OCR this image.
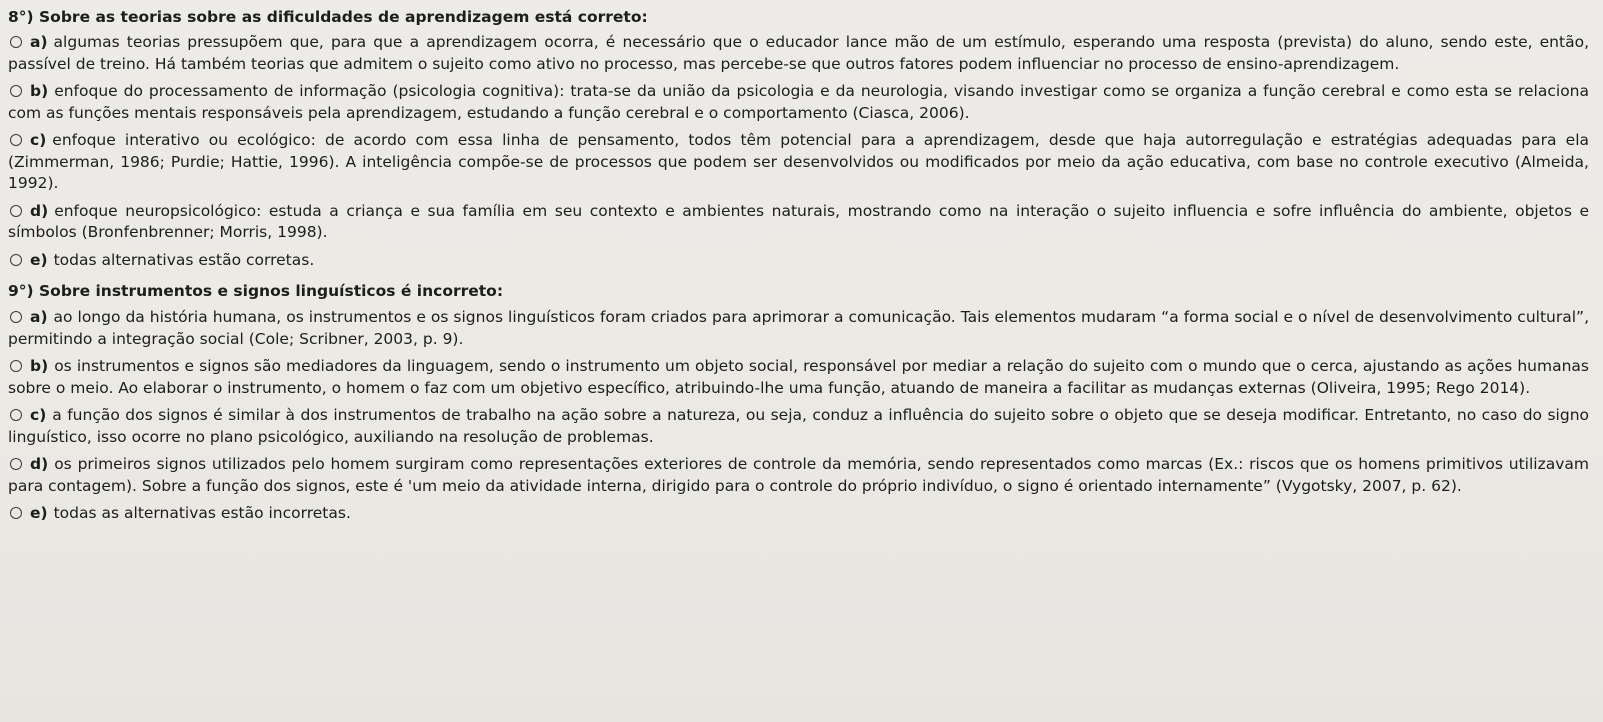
8°) Sobre as teorias sobre as dificuldades de aprendizagem está correto:
a) algumas teorias pressupõem que, para que a aprendizagem ocorra, é necessário que o educador lance mão de um estímulo, esperando uma resposta (prevista) do aluno, sendo este, então, passível de treino. Há também teorias que admitem o sujeito como ativo no processo, mas percebe-se que outros fatores podem influenciar no processo de ensino-aprendizagem.
b) enfoque do processamento de informação (psicologia cognitiva): trata-se da união da psicologia e da neurologia, visando investigar como se organiza a função cerebral e como esta se relaciona com as funções mentais responsáveis pela aprendizagem, estudando a função cerebral e o comportamento (Ciasca, 2006).
c) enfoque interativo ou ecológico: de acordo com essa linha de pensamento, todos têm potencial para a aprendizagem, desde que haja autorregulação e estratégias adequadas para ela (Zimmerman, 1986; Purdie; Hattie, 1996). A inteligência compõe-se de processos que podem ser desenvolvidos ou modificados por meio da ação educativa, com base no controle executivo (Almeida, 1992).
d) enfoque neuropsicológico: estuda a criança e sua família em seu contexto e ambientes naturais, mostrando como na interação o sujeito influencia e sofre influência do ambiente, objetos e símbolos (Bronfenbrenner; Morris, 1998).
e) todas alternativas estão corretas.
9°) Sobre instrumentos e signos linguísticos é incorreto:
a) ao longo da história humana, os instrumentos e os signos linguísticos foram criados para aprimorar a comunicação. Tais elementos mudaram “a forma social e o nível de desenvolvimento cultural”, permitindo a integração social (Cole; Scribner, 2003, p. 9).
b) os instrumentos e signos são mediadores da linguagem, sendo o instrumento um objeto social, responsável por mediar a relação do sujeito com o mundo que o cerca, ajustando as ações humanas sobre o meio. Ao elaborar o instrumento, o homem o faz com um objetivo específico, atribuindo-lhe uma função, atuando de maneira a facilitar as mudanças externas (Oliveira, 1995; Rego 2014).
c) a função dos signos é similar à dos instrumentos de trabalho na ação sobre a natureza, ou seja, conduz a influência do sujeito sobre o objeto que se deseja modificar. Entretanto, no caso do signo linguístico, isso ocorre no plano psicológico, auxiliando na resolução de problemas.
d) os primeiros signos utilizados pelo homem surgiram como representações exteriores de controle da memória, sendo representados como marcas (Ex.: riscos que os homens primitivos utilizavam para contagem). Sobre a função dos signos, este é 'um meio da atividade interna, dirigido para o controle do próprio indivíduo, o signo é orientado internamente” (Vygotsky, 2007, p. 62).
e) todas as alternativas estão incorretas.
